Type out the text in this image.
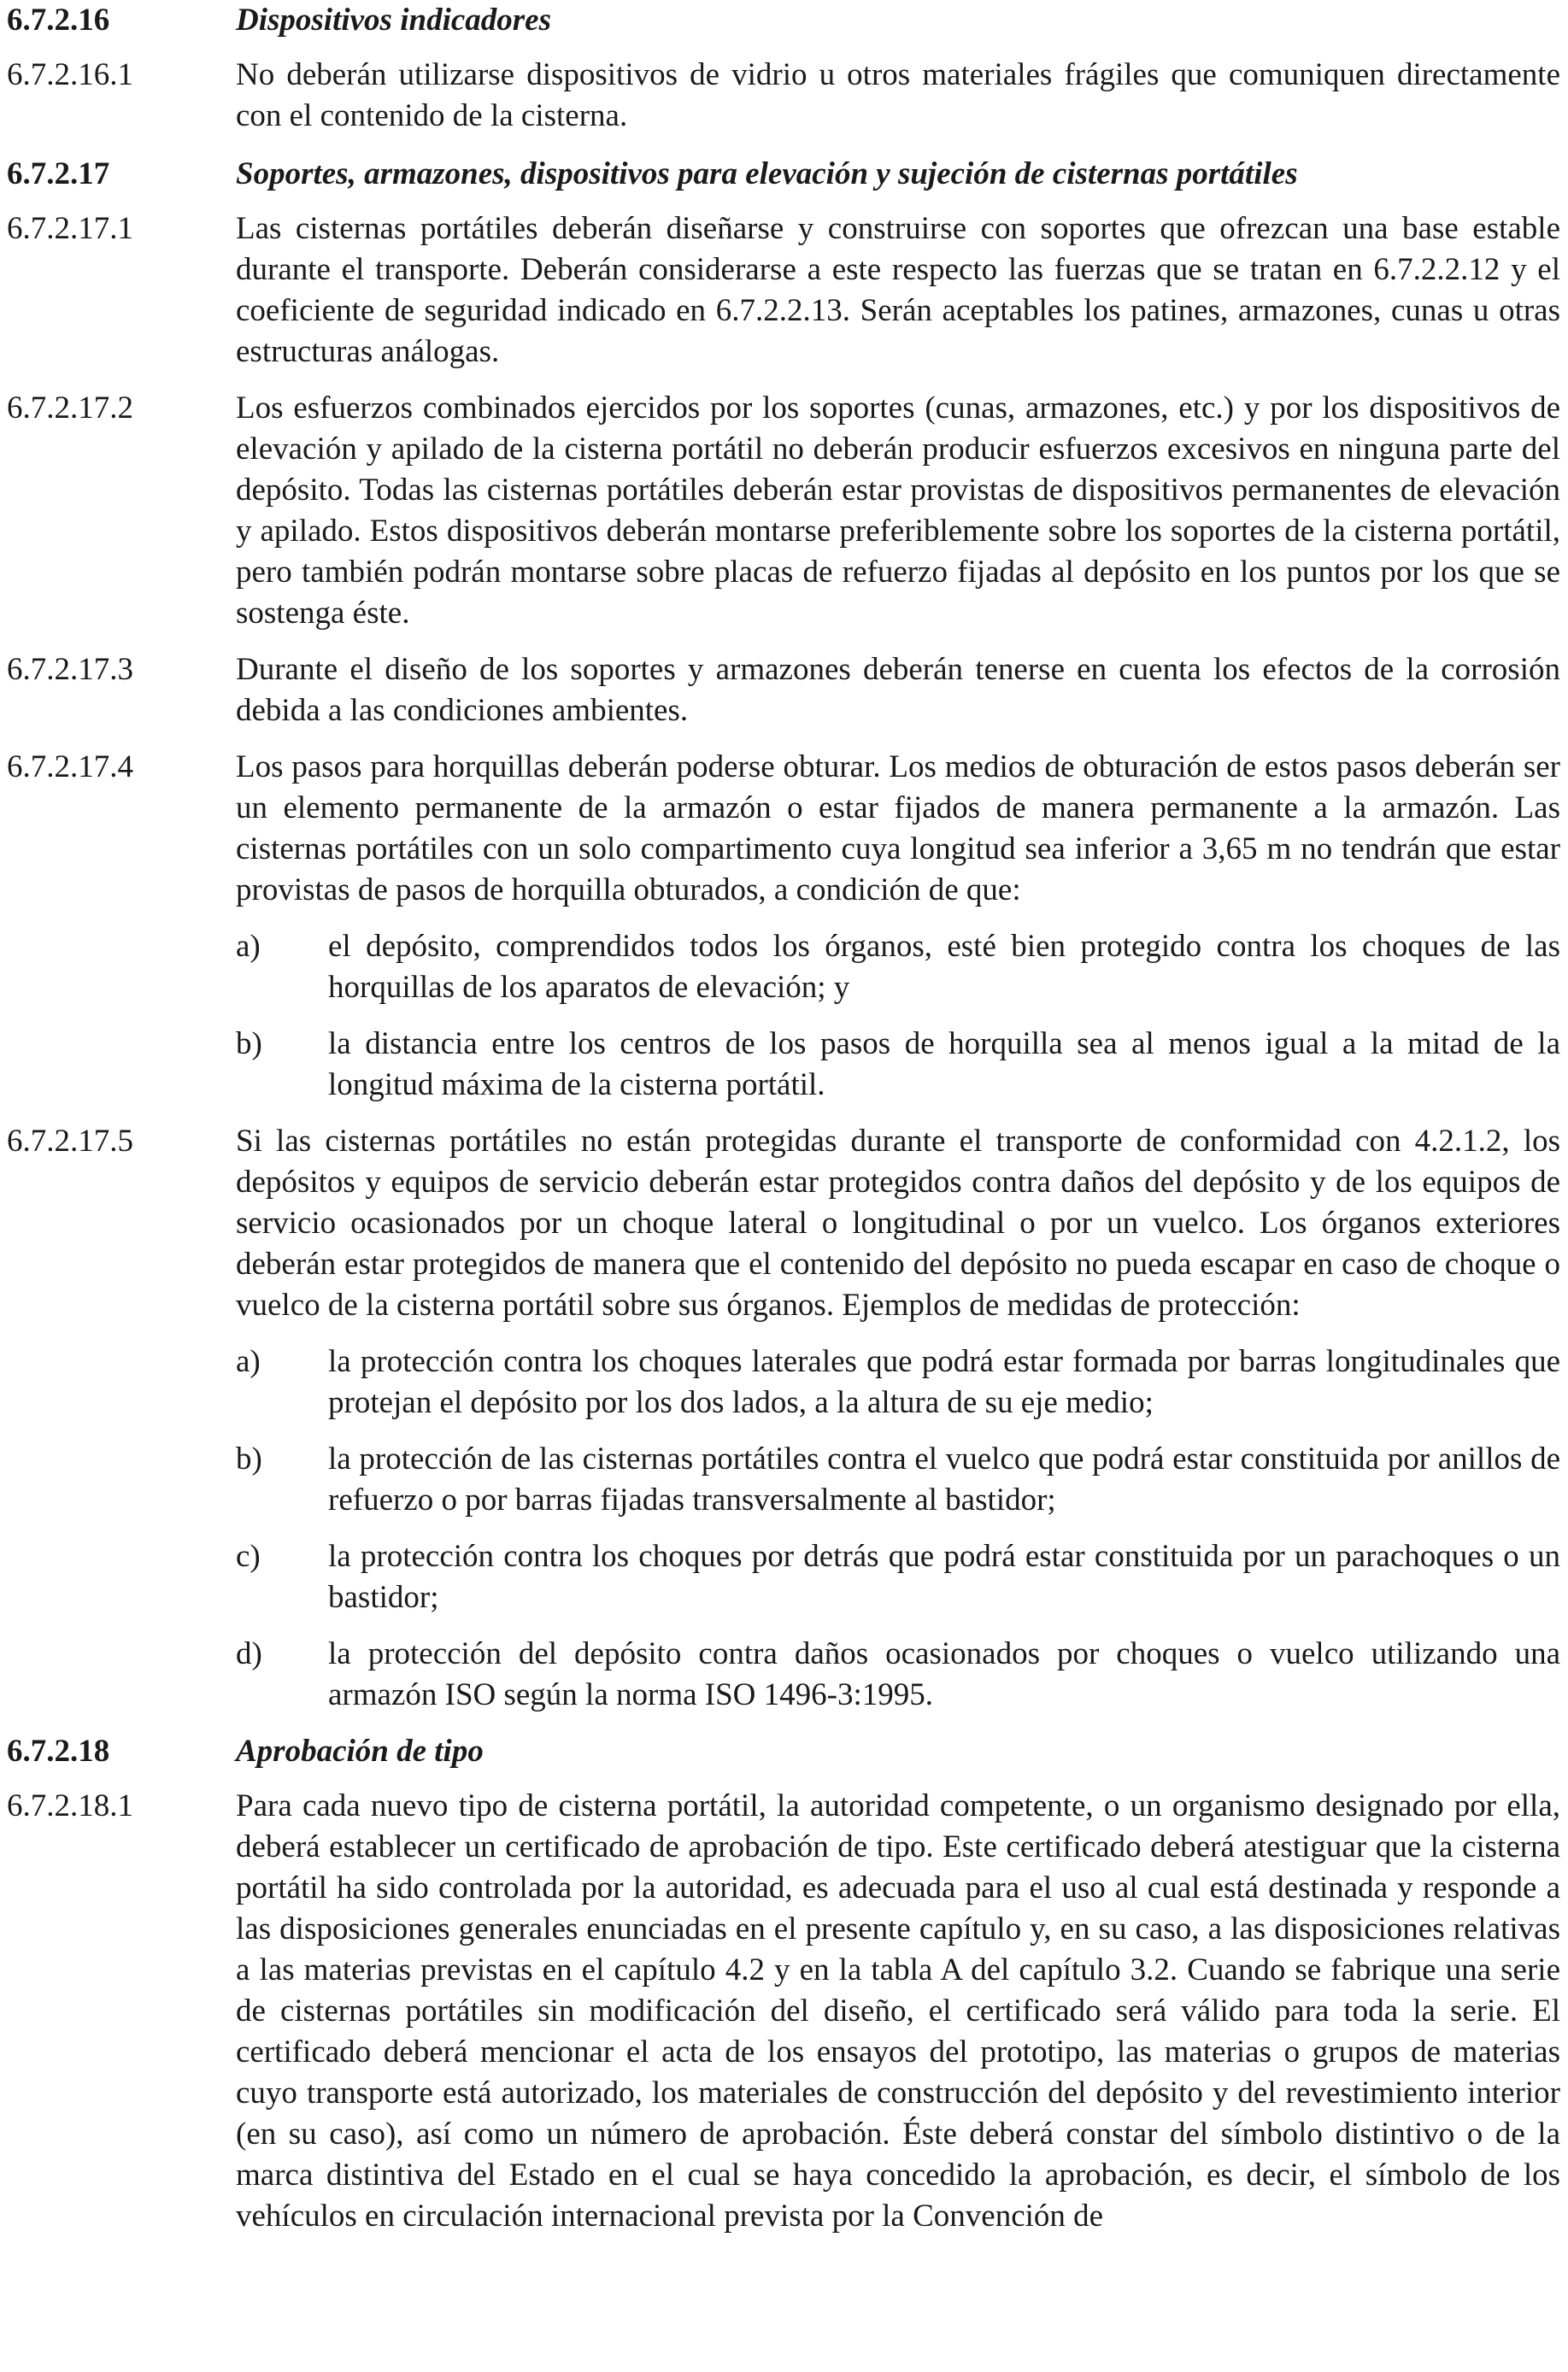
6.7.2.16	Dispositivos indicadores
6.7.2.16.1	No deberán utilizarse dispositivos de vidrio u otros materiales frágiles que comuniquen directamente con el contenido de la cisterna.
6.7.2.17	Soportes, armazones, dispositivos para elevación y sujeción de cisternas portátiles
6.7.2.17.1	Las cisternas portátiles deberán diseñarse y construirse con soportes que ofrezcan una base estable durante el transporte. Deberán considerarse a este respecto las fuerzas que se tratan en 6.7.2.2.12 y el coeficiente de seguridad indicado en 6.7.2.2.13. Serán aceptables los patines, armazones, cunas u otras estructuras análogas.
6.7.2.17.2	Los esfuerzos combinados ejercidos por los soportes (cunas, armazones, etc.) y por los dispositivos de elevación y apilado de la cisterna portátil no deberán producir esfuerzos excesivos en ninguna parte del depósito. Todas las cisternas portátiles deberán estar provistas de dispositivos permanentes de elevación y apilado. Estos dispositivos deberán montarse preferiblemente sobre los soportes de la cisterna portátil, pero también podrán montarse sobre placas de refuerzo fijadas al depósito en los puntos por los que se sostenga éste.
6.7.2.17.3	Durante el diseño de los soportes y armazones deberán tenerse en cuenta los efectos de la corrosión debida a las condiciones ambientes.
6.7.2.17.4	Los pasos para horquillas deberán poderse obturar. Los medios de obturación de estos pasos deberán ser un elemento permanente de la armazón o estar fijados de manera permanente a la armazón. Las cisternas portátiles con un solo compartimento cuya longitud sea inferior a 3,65 m no tendrán que estar provistas de pasos de horquilla obturados, a condición de que:
a)	el depósito, comprendidos todos los órganos, esté bien protegido contra los choques de las horquillas de los aparatos de elevación; y
b)	la distancia entre los centros de los pasos de horquilla sea al menos igual a la mitad de la longitud máxima de la cisterna portátil.
6.7.2.17.5	Si las cisternas portátiles no están protegidas durante el transporte de conformidad con 4.2.1.2, los depósitos y equipos de servicio deberán estar protegidos contra daños del depósito y de los equipos de servicio ocasionados por un choque lateral o longitudinal o por un vuelco. Los órganos exteriores deberán estar protegidos de manera que el contenido del depósito no pueda escapar en caso de choque o vuelco de la cisterna portátil sobre sus órganos. Ejemplos de medidas de protección:
a)	la protección contra los choques laterales que podrá estar formada por barras longitudinales que protejan el depósito por los dos lados, a la altura de su eje medio;
b)	la protección de las cisternas portátiles contra el vuelco que podrá estar constituida por anillos de refuerzo o por barras fijadas transversalmente al bastidor;
c)	la protección contra los choques por detrás que podrá estar constituida por un parachoques o un bastidor;
d)	la protección del depósito contra daños ocasionados por choques o vuelco utilizando una armazón ISO según la norma ISO 1496-3:1995.
6.7.2.18	Aprobación de tipo
6.7.2.18.1	Para cada nuevo tipo de cisterna portátil, la autoridad competente, o un organismo designado por ella, deberá establecer un certificado de aprobación de tipo. Este certificado deberá atestiguar que la cisterna portátil ha sido controlada por la autoridad, es adecuada para el uso al cual está destinada y responde a las disposiciones generales enunciadas en el presente capítulo y, en su caso, a las disposiciones relativas a las materias previstas en el capítulo 4.2 y en la tabla A del capítulo 3.2. Cuando se fabrique una serie de cisternas portátiles sin modificación del diseño, el certificado será válido para toda la serie. El certificado deberá mencionar el acta de los ensayos del prototipo, las materias o grupos de materias cuyo transporte está autorizado, los materiales de construcción del depósito y del revestimiento interior (en su caso), así como un número de aprobación. Éste deberá constar del símbolo distintivo o de la marca distintiva del Estado en el cual se haya concedido la aprobación, es decir, el símbolo de los vehículos en circulación internacional prevista por la Convención de
